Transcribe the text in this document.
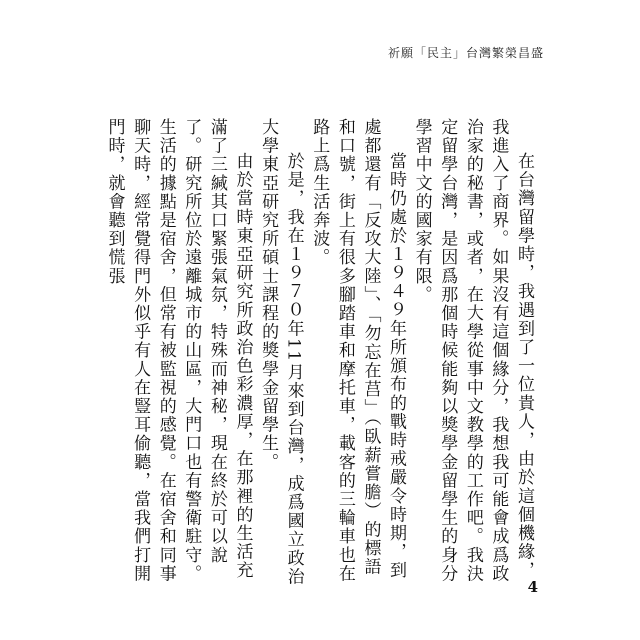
祈願「民主」台灣繁榮昌盛

在台灣留學時，我遇到了一位貴人，由於這個機緣，我進入了商界。如果沒有這個緣分，我想我可能會成爲政治家的秘書，或者，在大學從事中文教學的工作吧。我決定留學台灣，是因爲那個時候能夠以獎學金留學生的身分學習中文的國家有限。

當時仍處於１９４９年所頒布的戰時戒嚴令時期，到處都還有「反攻大陸」、「勿忘在莒」（臥薪嘗膽）的標語和口號，街上有很多腳踏車和摩托車，載客的三輪車也在路上爲生活奔波。

於是，我在１９７０年11月來到台灣，成爲國立政治大學東亞研究所碩士課程的獎學金留學生。

由於當時東亞研究所政治色彩濃厚，在那裡的生活充滿了三緘其口緊張氣氛，特殊而神秘，現在終於可以說了。研究所位於遠離城市的山區，大門口也有警衛駐守。生活的據點是宿舍，但常有被監視的感覺。在宿舍和同事聊天時，經常覺得門外似乎有人在豎耳偷聽，當我們打開門時，就會聽到慌張

4
